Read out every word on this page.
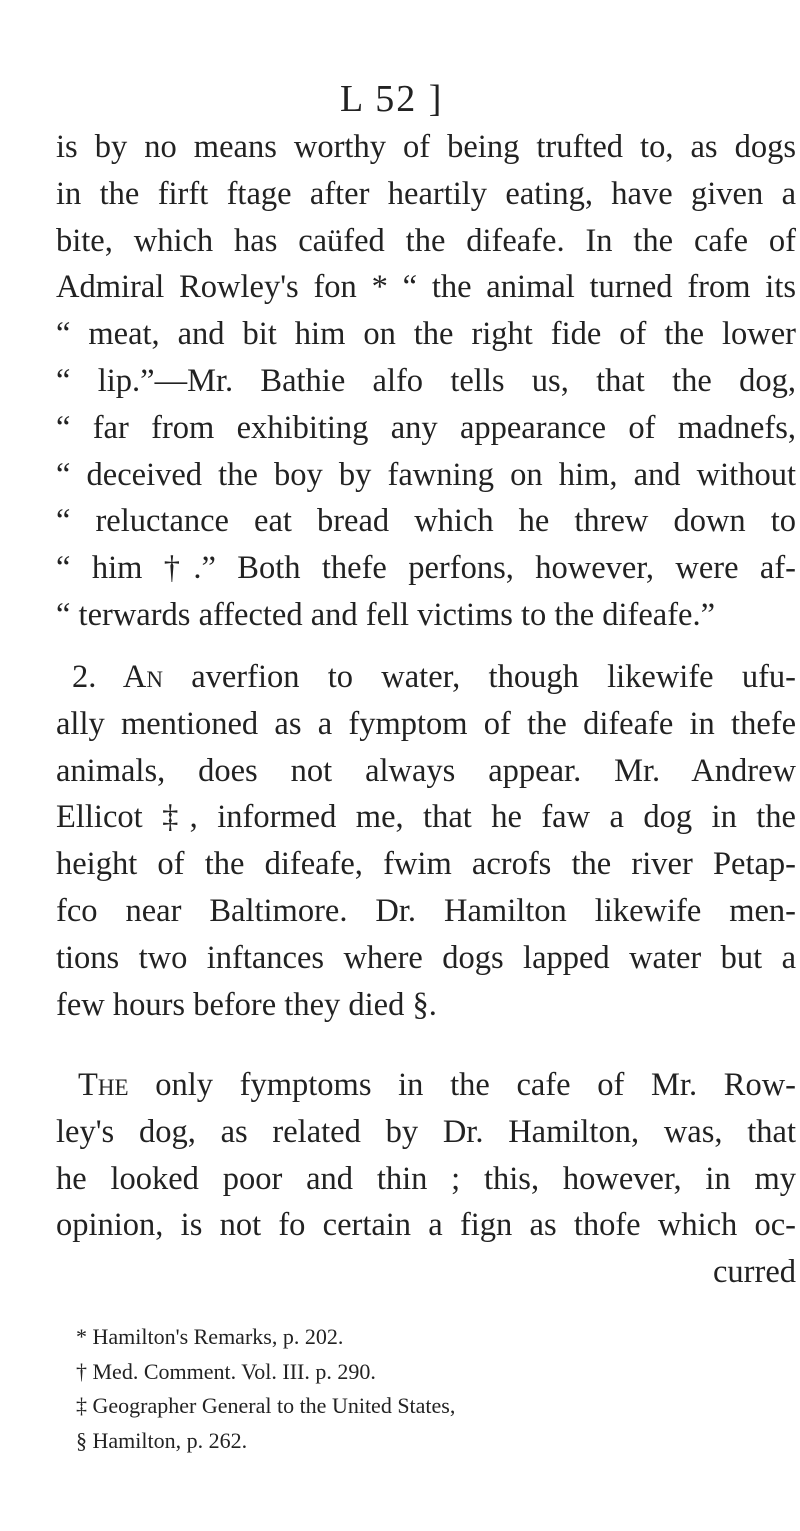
L 52 ]
is by no means worthy of being trufted to, as dogs
in the firft ftage after heartily eating, have given a
bite, which has caüfed the difeafe. In the cafe of
Admiral Rowley's fon * “ the animal turned from its
“ meat, and bit him on the right fide of the lower
“ lip.”—Mr. Bathie alfo tells us, that the dog,
“ far from exhibiting any appearance of madnefs,
“ deceived the boy by fawning on him, and without
“ reluctance eat bread which he threw down to
“ him †.” Both thefe perfons, however, were af-
“ terwards affected and fell victims to the difeafe.”
2. An averfion to water, though likewife ufu-
ally mentioned as a fymptom of the difeafe in thefe
animals, does not always appear. Mr. Andrew
Ellicot ‡, informed me, that he faw a dog in the
height of the difeafe, fwim acrofs the river Petap-
fco near Baltimore. Dr. Hamilton likewife men-
tions two inftances where dogs lapped water but a
few hours before they died §.
The only fymptoms in the cafe of Mr. Row-
ley's dog, as related by Dr. Hamilton, was, that
he looked poor and thin ; this, however, in my
opinion, is not fo certain a fign as thofe which oc-
curred
* Hamilton's Remarks, p. 202.
† Med. Comment. Vol. III. p. 290.
‡ Geographer General to the United States,
§ Hamilton, p. 262.
